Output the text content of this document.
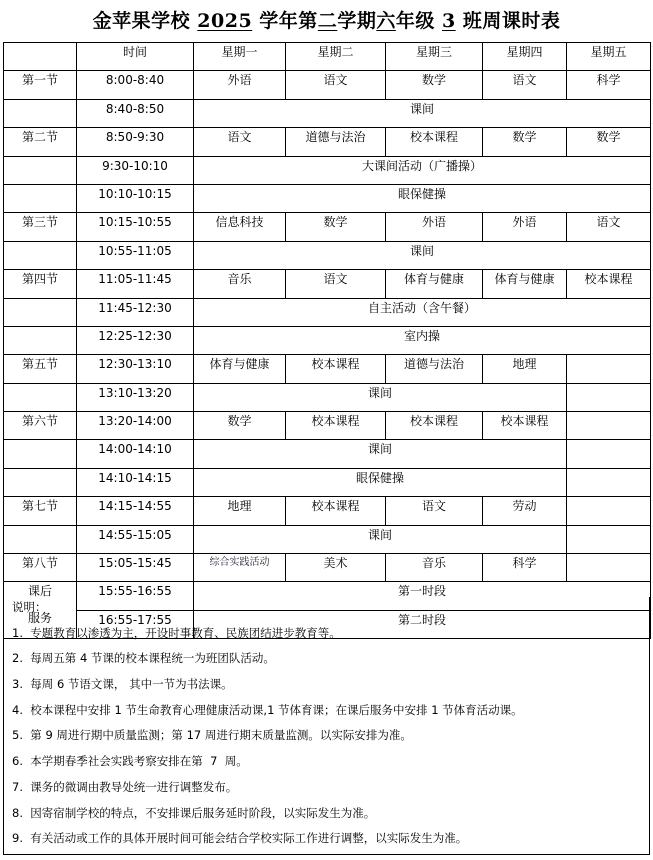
金苹果学校 2025 学年第二学期六年级 3 班周课时表
	时间	星期一	星期二	星期三	星期四	星期五
第一节	8:00-8:40	外语	语文	数学	语文	科学
	8:40-8:50	课间				
第二节	8:50-9:30	语文	道德与法治	校本课程	数学	数学
	9:30-10:10	大课间活动（广播操）				
	10:10-10:15	眼保健操				
第三节	10:15-10:55	信息科技	数学	外语	外语	语文
	10:55-11:05	课间				
第四节	11:05-11:45	音乐	语文	体育与健康	体育与健康	校本课程
	11:45-12:30	自主活动（含午餐）				
	12:25-12:30	室内操				
第五节	12:30-13:10	体育与健康	校本课程	道德与法治	地理	
	13:10-13:20	课间				
第六节	13:20-14:00	数学	校本课程	校本课程	校本课程	
	14:00-14:10	课间				
	14:10-14:15	眼保健操				
第七节	14:15-14:55	地理	校本课程	语文	劳动	
	14:55-15:05	课间				
第八节	15:05-15:45	综合实践活动	美术	音乐	科学	

课后
服务	15:55-16:55	第一时段				
	16:55-17:55	第二时段				
说明：
1.  专题教育以渗透为主，开设时事教育、民族团结进步教育等。
2.  每周五第 4 节课的校本课程统一为班团队活动。
3.  每周 6 节语文课， 其中一节为书法课。
4.  校本课程中安排 1 节生命教育心理健康活动课,1 节体育课；在课后服务中安排 1 节体育活动课。
5.  第 9 周进行期中质量监测；第 17 周进行期末质量监测。以实际安排为准。
6.  本学期春季社会实践考察安排在第  7  周。
7.  课务的微调由教导处统一进行调整发布。
8.  因寄宿制学校的特点，不安排课后服务延时阶段，以实际发生为准。
9.  有关活动或工作的具体开展时间可能会结合学校实际工作进行调整，以实际发生为准。
